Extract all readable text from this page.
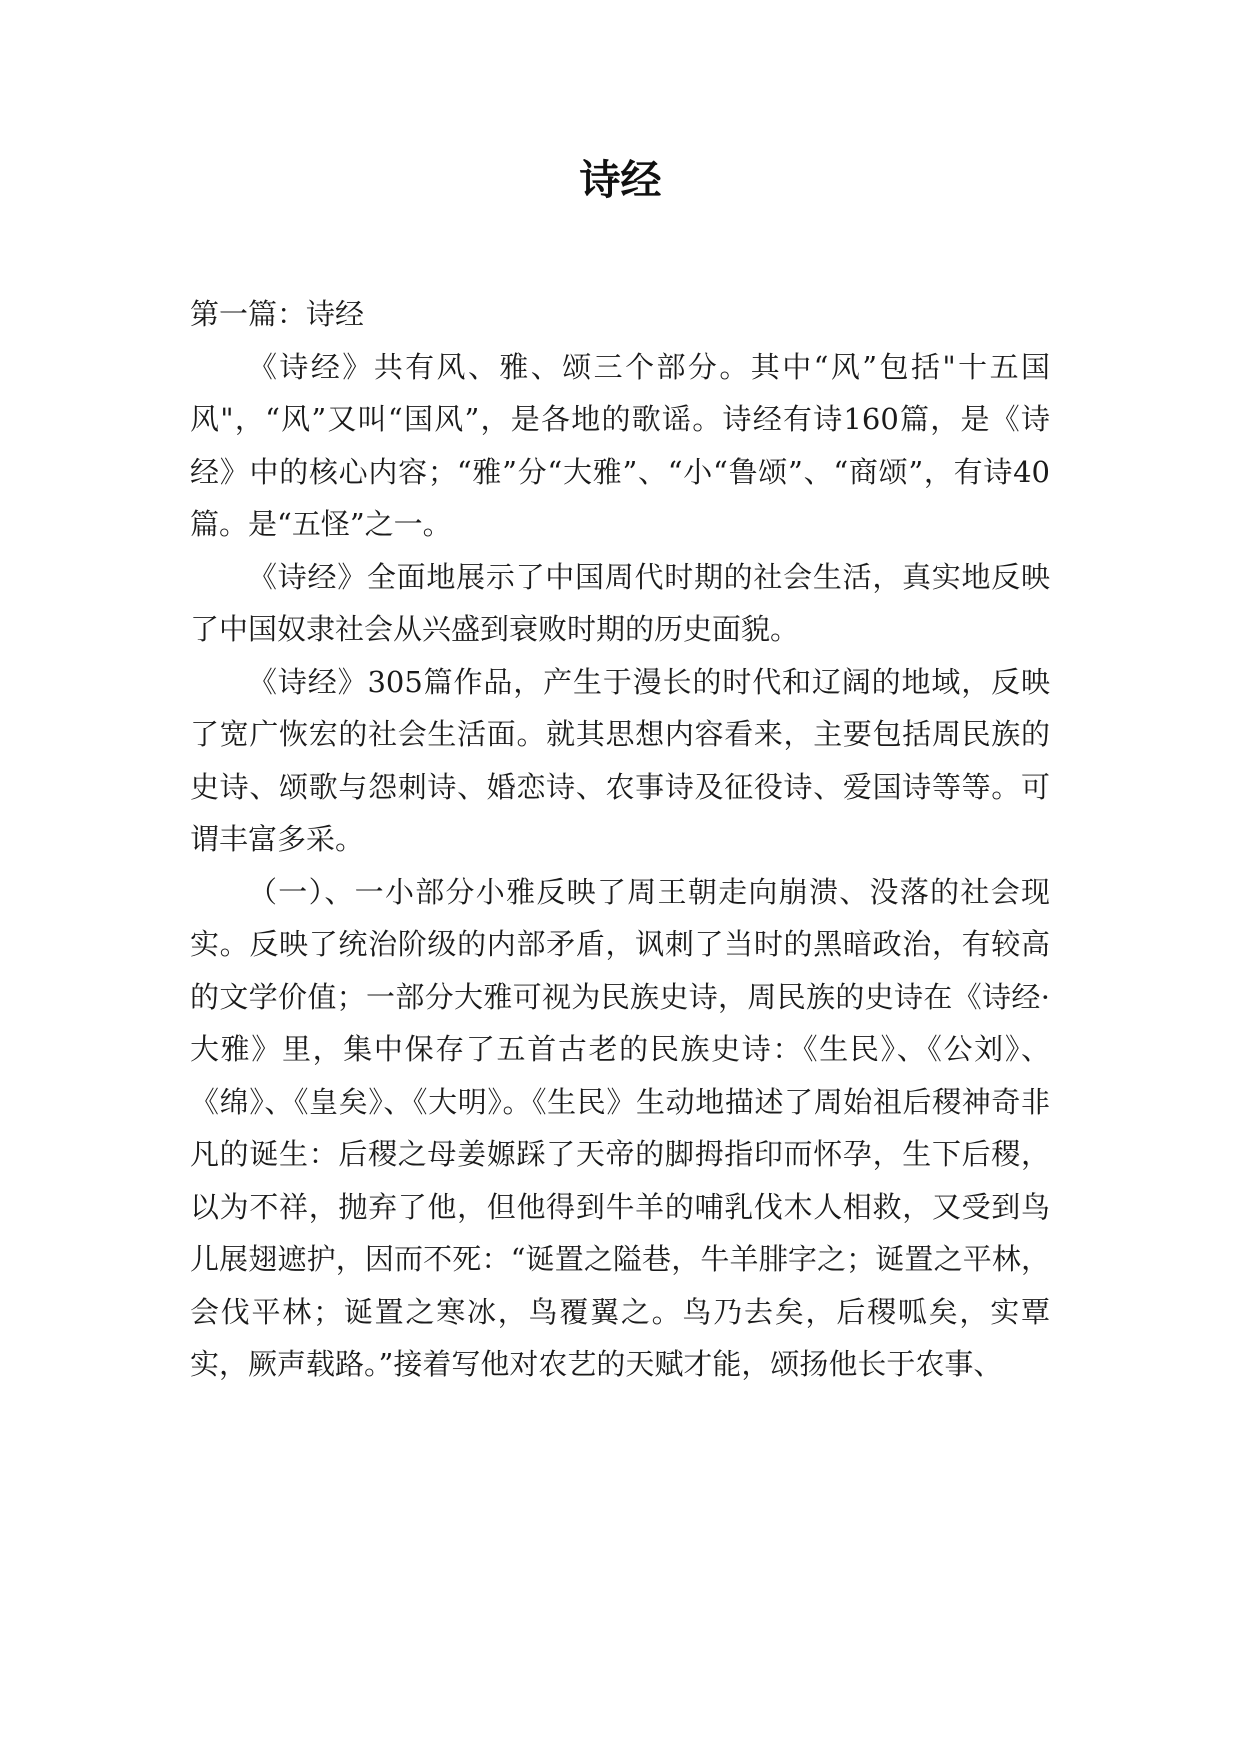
诗经

第一篇：诗经

《诗经》共有风、雅、颂三个部分。其中“风”包括"十五国风"，“风”又叫“国风”，是各地的歌谣。诗经有诗160篇，是《诗经》中的核心内容；“雅”分“大雅”、“小“鲁颂”、“商颂”，有诗40篇。是“五怪”之一。

《诗经》全面地展示了中国周代时期的社会生活，真实地反映了中国奴隶社会从兴盛到衰败时期的历史面貌。

《诗经》305篇作品，产生于漫长的时代和辽阔的地域，反映了宽广恢宏的社会生活面。就其思想内容看来，主要包括周民族的史诗、颂歌与怨刺诗、婚恋诗、农事诗及征役诗、爱国诗等等。可谓丰富多采。

（一）、一小部分小雅反映了周王朝走向崩溃、没落的社会现实。反映了统治阶级的内部矛盾，讽刺了当时的黑暗政治，有较高的文学价值；一部分大雅可视为民族史诗，周民族的史诗在《诗经·大雅》里，集中保存了五首古老的民族史诗：《生民》、《公刘》、《绵》、《皇矣》、《大明》。《生民》生动地描述了周始祖后稷神奇非凡的诞生：后稷之母姜嫄踩了天帝的脚拇指印而怀孕，生下后稷，以为不祥，抛弃了他，但他得到牛羊的哺乳伐木人相救，又受到鸟儿展翅遮护，因而不死：“诞置之隘巷，牛羊腓字之；诞置之平林，会伐平林；诞置之寒冰，鸟覆翼之。鸟乃去矣，后稷呱矣，实覃实，厥声载路。”接着写他对农艺的天赋才能，颂扬他长于农事、
